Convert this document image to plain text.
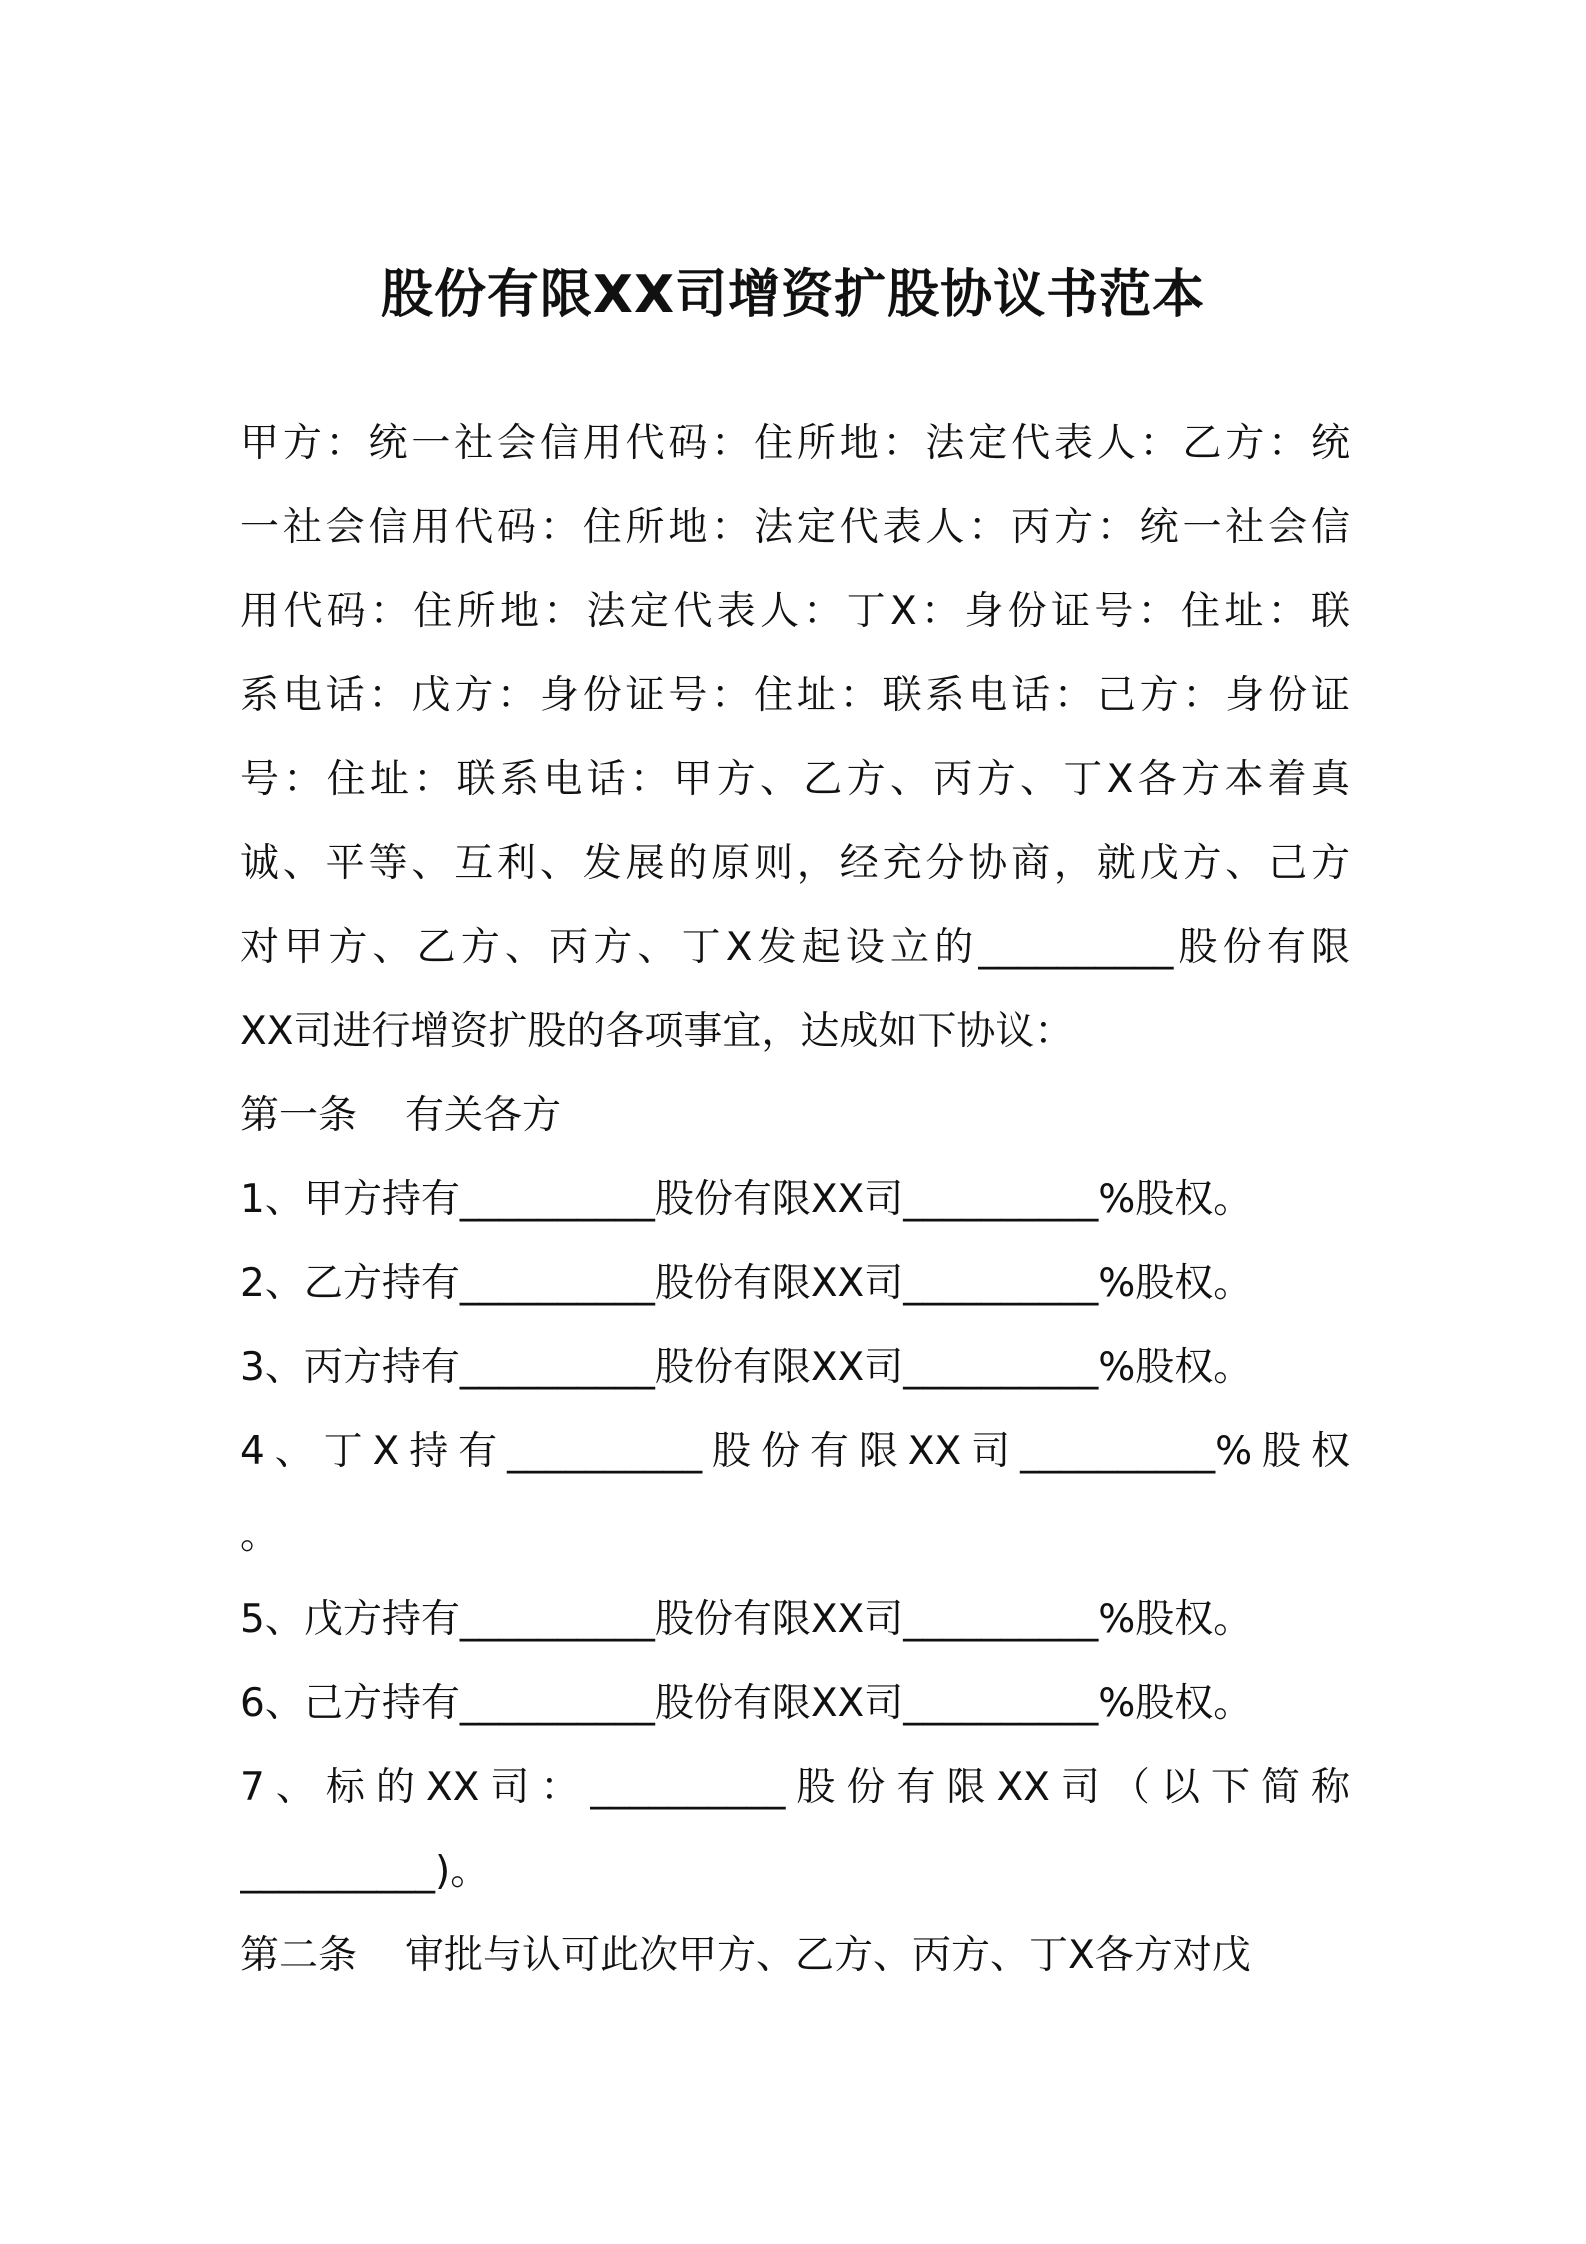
股份有限XX司增资扩股协议书范本
甲方：统一社会信用代码：住所地：法定代表人：乙方：统
一社会信用代码：住所地：法定代表人：丙方：统一社会信
用代码：住所地：法定代表人：丁X：身份证号：住址：联
系电话：戊方：身份证号：住址：联系电话：己方：身份证
号：住址：联系电话：甲方、乙方、丙方、丁X各方本着真
诚、平等、互利、发展的原则，经充分协商，就戊方、己方
对甲方、乙方、丙方、丁X发起设立的__________股份有限
XX司进行增资扩股的各项事宜，达成如下协议：
第一条 有关各方
1、甲方持有__________股份有限XX司__________%股权。
2、乙方持有__________股份有限XX司__________%股权。
3、丙方持有__________股份有限XX司__________%股权。
4、丁X持有__________股份有限XX司__________%股权
。
5、戊方持有__________股份有限XX司__________%股权。
6、己方持有__________股份有限XX司__________%股权。
7、标的XX司：__________股份有限XX司（以下简称
__________)。
第二条 审批与认可此次甲方、乙方、丙方、丁X各方对戊
